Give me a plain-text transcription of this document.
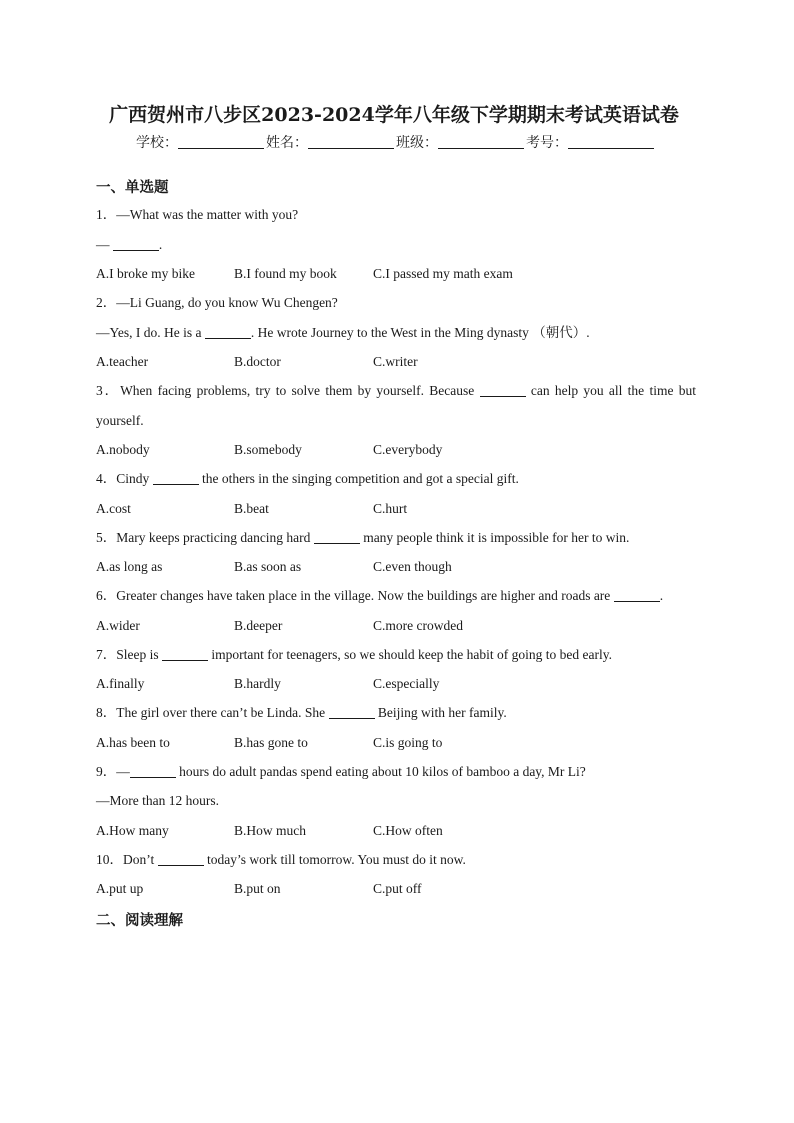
广西贺州市八步区2023-2024学年八年级下学期期末考试英语试卷
学校：	姓名：	班级：	考号：
一、单选题
1．—What was the matter with you?
—	.
A.I broke my bike	B.I found my book	C.I passed my math exam
2．—Li Guang, do you know Wu Chengen?
—Yes, I do. He is a	. He wrote Journey to the West in the Ming dynasty （朝代）.
A.teacher	B.doctor	C.writer
3．When facing problems, try to solve them by yourself. Because	can help you all the time but yourself.
A.nobody	B.somebody	C.everybody
4．Cindy	the others in the singing competition and got a special gift.
A.cost	B.beat	C.hurt
5．Mary keeps practicing dancing hard	many people think it is impossible for her to win.
A.as long as	B.as soon as	C.even though
6．Greater changes have taken place in the village. Now the buildings are higher and roads are	.
A.wider	B.deeper	C.more crowded
7．Sleep is	important for teenagers, so we should keep the habit of going to bed early.
A.finally	B.hardly	C.especially
8．The girl over there can’t be Linda. She	Beijing with her family.
A.has been to	B.has gone to	C.is going to
9．—	hours do adult pandas spend eating about 10 kilos of bamboo a day, Mr Li?
—More than 12 hours.
A.How many	B.How much	C.How often
10．Don’t	today’s work till tomorrow. You must do it now.
A.put up	B.put on	C.put off
二、阅读理解
